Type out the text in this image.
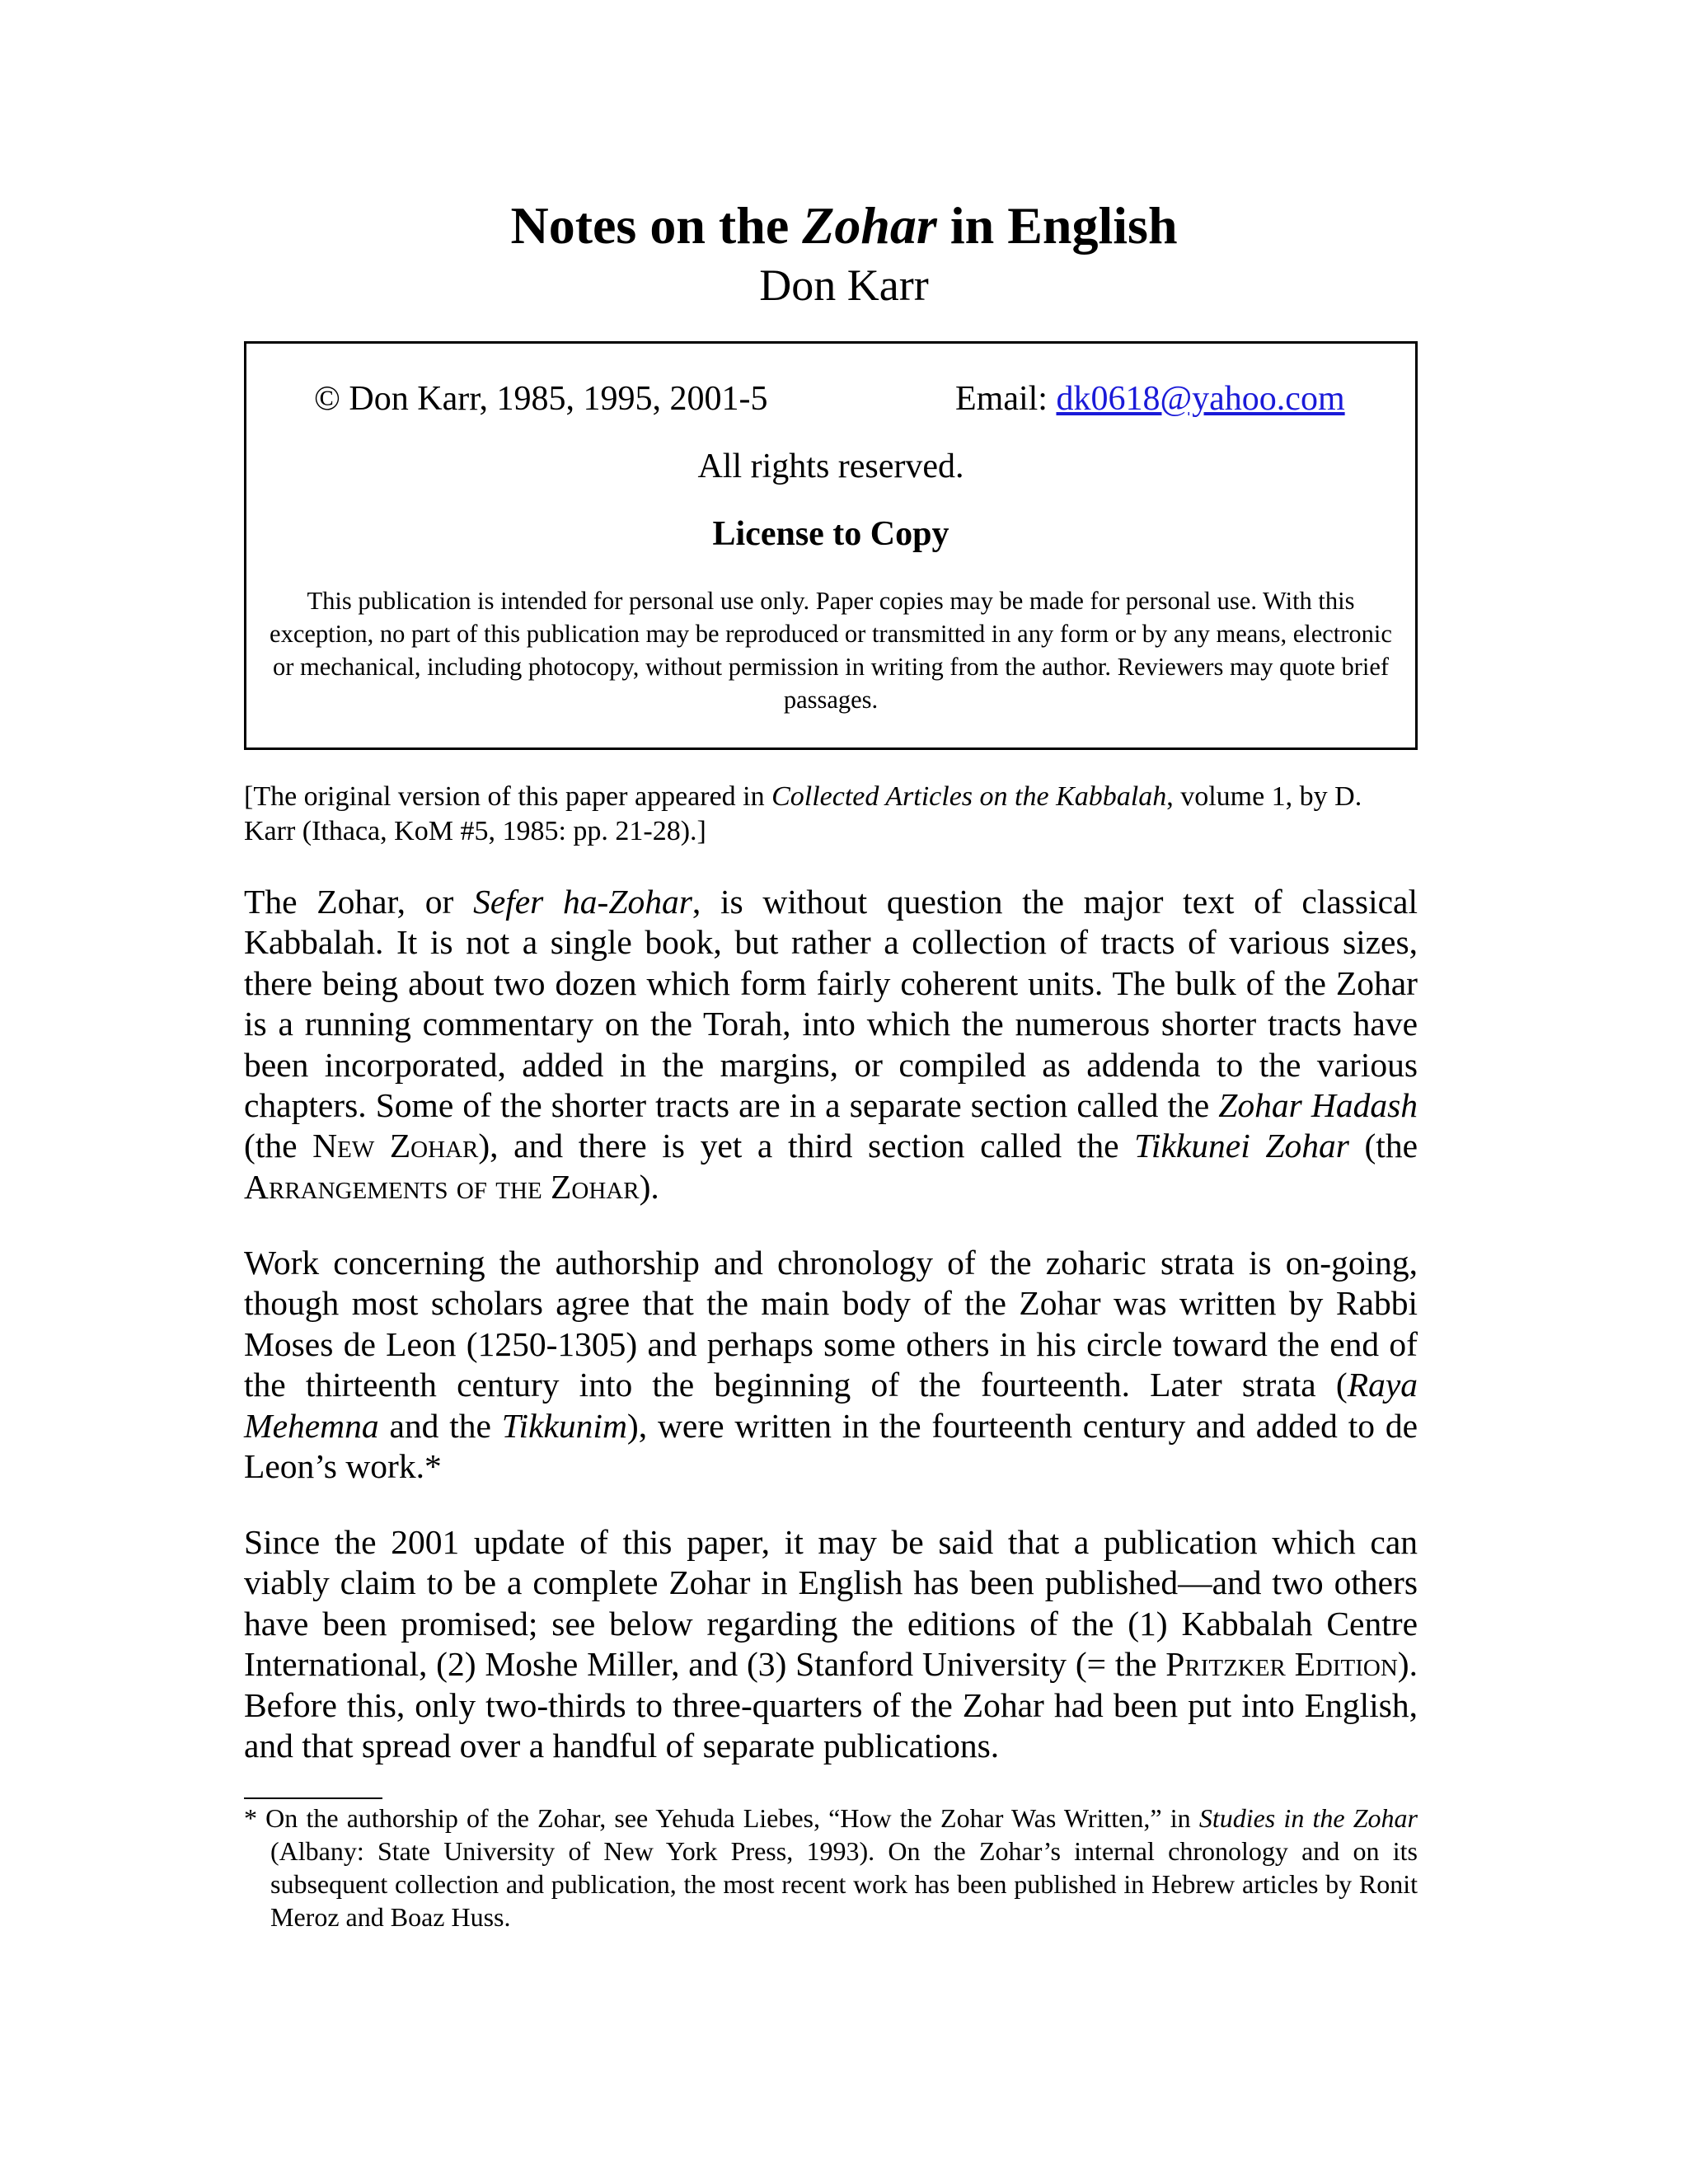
Notes on the Zohar in English
Don Karr
© Don Karr, 1985, 1995, 2001-5	Email: dk0618@yahoo.com
All rights reserved.
License to Copy
This publication is intended for personal use only. Paper copies may be made for personal use. With this exception, no part of this publication may be reproduced or transmitted in any form or by any means, electronic or mechanical, including photocopy, without permission in writing from the author. Reviewers may quote brief passages.

[The original version of this paper appeared in Collected Articles on the Kabbalah, volume 1, by D. Karr (Ithaca, KoM #5, 1985: pp. 21-28).]

The Zohar, or Sefer ha-Zohar, is without question the major text of classical Kabbalah. It is not a single book, but rather a collection of tracts of various sizes, there being about two dozen which form fairly coherent units. The bulk of the Zohar is a running commentary on the Torah, into which the numerous shorter tracts have been incorporated, added in the margins, or compiled as addenda to the various chapters. Some of the shorter tracts are in a separate section called the Zohar Hadash (the New Zohar), and there is yet a third section called the Tikkunei Zohar (the Arrangements of the Zohar).

Work concerning the authorship and chronology of the zoharic strata is on-going, though most scholars agree that the main body of the Zohar was written by Rabbi Moses de Leon (1250-1305) and perhaps some others in his circle toward the end of the thirteenth century into the beginning of the fourteenth. Later strata (Raya Mehemna and the Tikkunim), were written in the fourteenth century and added to de Leon’s work.*

Since the 2001 update of this paper, it may be said that a publication which can viably claim to be a complete Zohar in English has been published—and two others have been promised; see below regarding the editions of the (1) Kabbalah Centre International, (2) Moshe Miller, and (3) Stanford University (= the Pritzker Edition). Before this, only two-thirds to three-quarters of the Zohar had been put into English, and that spread over a handful of separate publications.

* On the authorship of the Zohar, see Yehuda Liebes, “How the Zohar Was Written,” in Studies in the Zohar (Albany: State University of New York Press, 1993). On the Zohar’s internal chronology and on its subsequent collection and publication, the most recent work has been published in Hebrew articles by Ronit Meroz and Boaz Huss.
